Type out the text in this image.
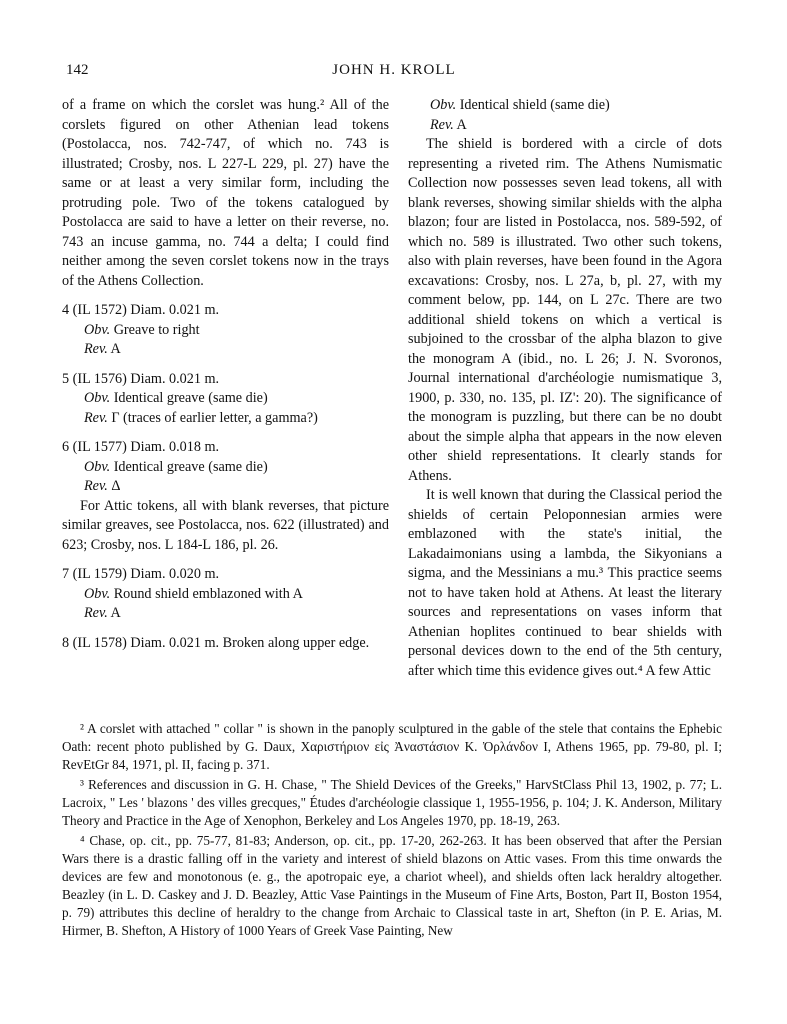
142	JOHN H. KROLL

of a frame on which the corslet was hung.² All of the corslets figured on other Athenian lead tokens (Postolacca, nos. 742-747, of which no. 743 is illustrated; Crosby, nos. L 227-L 229, pl. 27) have the same or at least a very similar form, including the protruding pole. Two of the tokens catalogued by Postolacca are said to have a letter on their reverse, no. 743 an incuse gamma, no. 744 a delta; I could find neither among the seven corslet tokens now in the trays of the Athens Collection.

4 (IL 1572) Diam. 0.021 m.

Obv. Greave to right

Rev. A

5 (IL 1576) Diam. 0.021 m.

Obv. Identical greave (same die)

Rev. Γ (traces of earlier letter, a gamma?)

6 (IL 1577) Diam. 0.018 m.

Obv. Identical greave (same die)

Rev. Δ

For Attic tokens, all with blank reverses, that picture similar greaves, see Postolacca, nos. 622 (illustrated) and 623; Crosby, nos. L 184-L 186, pl. 26.

7 (IL 1579) Diam. 0.020 m.

Obv. Round shield emblazoned with A

Rev. A

8 (IL 1578) Diam. 0.021 m. Broken along upper edge.

Obv. Identical shield (same die)

Rev. A

The shield is bordered with a circle of dots representing a riveted rim. The Athens Numismatic Collection now possesses seven lead tokens, all with blank reverses, showing similar shields with the alpha blazon; four are listed in Postolacca, nos. 589-592, of which no. 589 is illustrated. Two other such tokens, also with plain reverses, have been found in the Agora excavations: Crosby, nos. L 27a, b, pl. 27, with my comment below, pp. 144, on L 27c. There are two additional shield tokens on which a vertical is subjoined to the crossbar of the alpha blazon to give the monogram A (ibid., no. L 26; J. N. Svoronos, Journal international d'archéologie numismatique 3, 1900, p. 330, no. 135, pl. IZ': 20). The significance of the monogram is puzzling, but there can be no doubt about the simple alpha that appears in the now eleven other shield representations. It clearly stands for Athens.

It is well known that during the Classical period the shields of certain Peloponnesian armies were emblazoned with the state's initial, the Lakadaimonians using a lambda, the Sikyonians a sigma, and the Messinians a mu.³ This practice seems not to have taken hold at Athens. At least the literary sources and representations on vases inform that Athenian hoplites continued to bear shields with personal devices down to the end of the 5th century, after which time this evidence gives out.⁴ A few Attic

² A corslet with attached " collar " is shown in the panoply sculptured in the gable of the stele that contains the Ephebic Oath: recent photo published by G. Daux, Χαριστήριον εἰς Ἀναστάσιον Κ. Ὀρλάνδον I, Athens 1965, pp. 79-80, pl. I; RevEtGr 84, 1971, pl. II, facing p. 371.

³ References and discussion in G. H. Chase, " The Shield Devices of the Greeks," HarvStClass Phil 13, 1902, p. 77; L. Lacroix, " Les ' blazons ' des villes grecques," Études d'archéologie classique 1, 1955-1956, p. 104; J. K. Anderson, Military Theory and Practice in the Age of Xenophon, Berkeley and Los Angeles 1970, pp. 18-19, 263.

⁴ Chase, op. cit., pp. 75-77, 81-83; Anderson, op. cit., pp. 17-20, 262-263. It has been observed that after the Persian Wars there is a drastic falling off in the variety and interest of shield blazons on Attic vases. From this time onwards the devices are few and monotonous (e. g., the apotropaic eye, a chariot wheel), and shields often lack heraldry altogether. Beazley (in L. D. Caskey and J. D. Beazley, Attic Vase Paintings in the Museum of Fine Arts, Boston, Part II, Boston 1954, p. 79) attributes this decline of heraldry to the change from Archaic to Classical taste in art, Shefton (in P. E. Arias, M. Hirmer, B. Shefton, A History of 1000 Years of Greek Vase Painting, New
